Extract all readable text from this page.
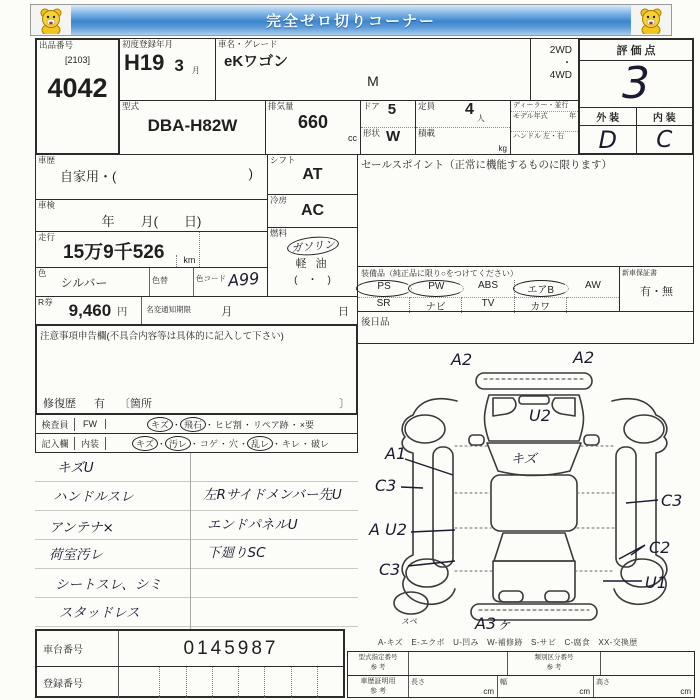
完全ゼロ切りコーナー
出品番号
[2103]
4042
初度登録年月
H19 3 月
車名・グレード
eKワゴン
M
2WD
・
4WD
評 価 点
3
外 装	内 装
D	C
型式
DBA-H82W
排気量
660
cc
ドア 5
形状 W
定員 4
人
積載
kg
ディーラー・並行
モデル年式	年
ハンドル 左・右
車歴
自家用・(	)
シフト
AT
車検
年　　月(　　日)
冷房
AC
走行
15万9千526	km
燃料
ガソリン
軽 油
(　・　)
色
シルバー	色替	色コード A99
R券 9,460 円	名変通知期限	月	日
注意事項申告欄(不具合内容等は具体的に記入して下さい)
修復歴 有 〔箇所	〕
検査員	FW	キズ ・ 飛石 ・ヒビ割・リペア跡・×要
記入欄	内装	キズ ・ 汚レ ・コゲ・穴・ 乱レ ・キレ・破レ
キズU
ハンドルスレ
アンテナ×
荷室汚レ
シートスレ、シミ
スタッドレス
左Rサイドメンバー先U
エンドパネルU
下廻りSC
セールスポイント（正常に機能するものに限ります）
装備品（純正品に限り○をつけてください）
PS	PW	ABS	エアB	AW
SR	ナビ	TV	カワ
新車保証書
有・無
後日品
A2	A2
U2
キズ
A1
C3
C3
A U2
C3
C2
U1
A3ヶ
スペ
A-キズ　E-エクボ　U-凹み　W-補修跡　S-サビ　C-腐食　XX-交換歴
車台番号	0145987
登録番号
型式指定番号
参 考
類別区分番号
参 考
車歴証明用
参 考
長さ
cm
幅
cm
高さ
cm
